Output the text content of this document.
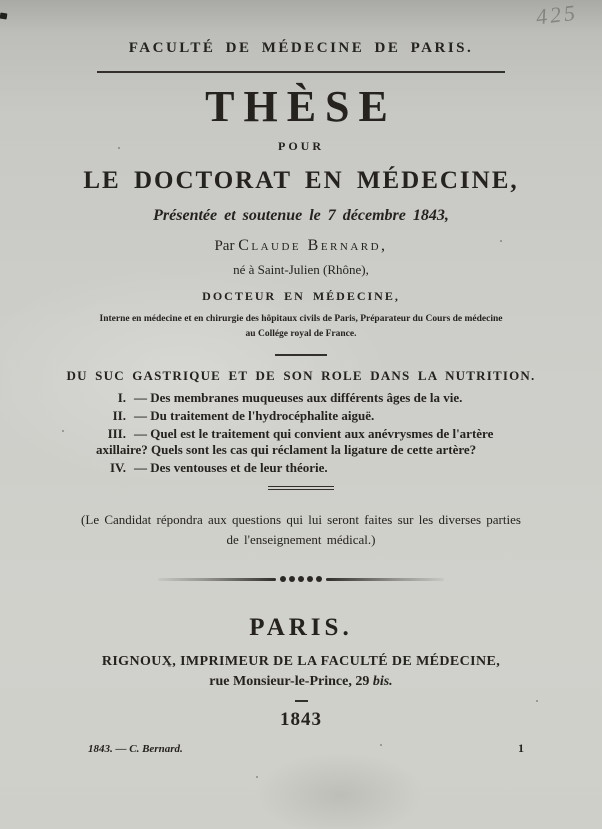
425
FACULTÉ DE MÉDECINE DE PARIS.
THÈSE
POUR
LE DOCTORAT EN MÉDECINE,
Présentée et soutenue le 7 décembre 1843,
Par Claude Bernard,
né à Saint-Julien (Rhône),
DOCTEUR EN MÉDECINE,
Interne en médecine et en chirurgie des hôpitaux civils de Paris, Préparateur du Cours de médecine
au Collége royal de France.
DU SUC GASTRIQUE ET DE SON ROLE DANS LA NUTRITION.
I. — Des membranes muqueuses aux différents âges de la vie.
II. — Du traitement de l'hydrocéphalite aiguë.
III. — Quel est le traitement qui convient aux anévrysmes de l'artère axillaire? Quels sont les cas qui réclament la ligature de cette artère?
IV. — Des ventouses et de leur théorie.
(Le Candidat répondra aux questions qui lui seront faites sur les diverses parties
de l'enseignement médical.)
PARIS.
RIGNOUX, IMPRIMEUR DE LA FACULTÉ DE MÉDECINE,
rue Monsieur-le-Prince, 29 bis.
1843
1843. — C. Bernard.	1
